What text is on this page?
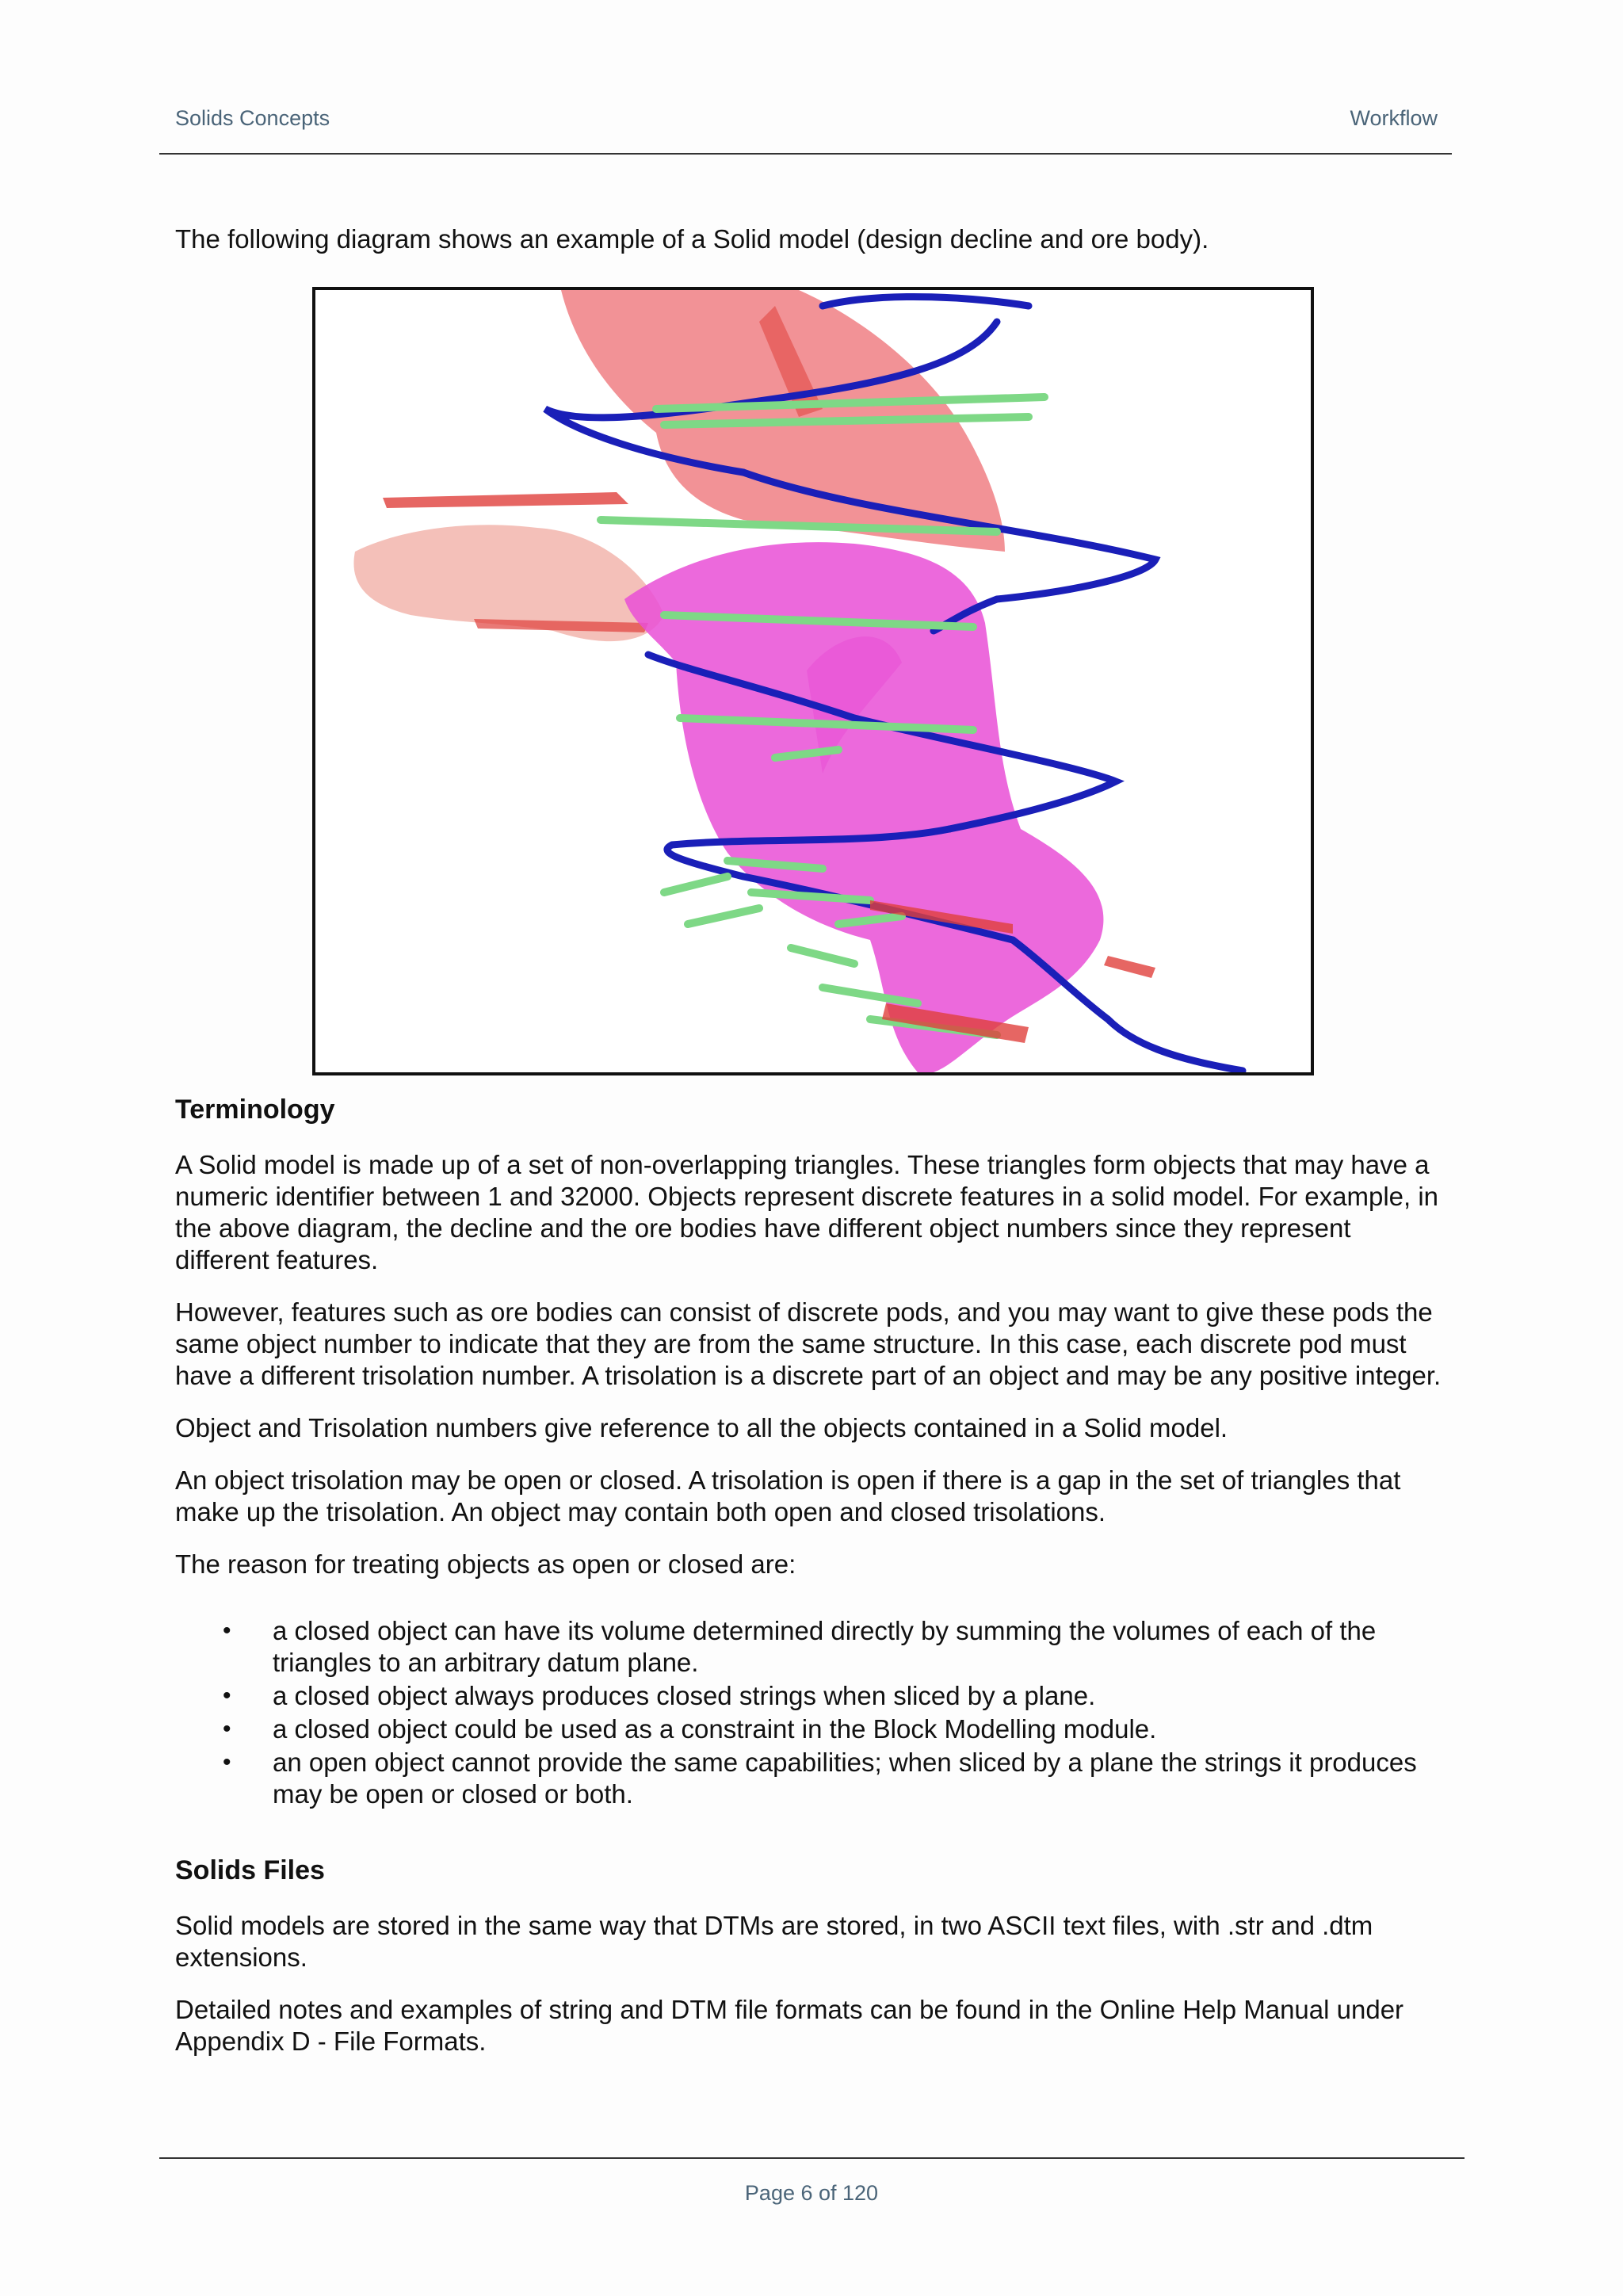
Solids Concepts	Workflow

The following diagram shows an example of a Solid model (design decline and ore body).

Terminology

A Solid model is made up of a set of non-overlapping triangles. These triangles form objects that may have a numeric identifier between 1 and 32000. Objects represent discrete features in a solid model. For example, in the above diagram, the decline and the ore bodies have different object numbers since they represent different features.

However, features such as ore bodies can consist of discrete pods, and you may want to give these pods the same object number to indicate that they are from the same structure. In this case, each discrete pod must have a different trisolation number. A trisolation is a discrete part of an object and may be any positive integer.

Object and Trisolation numbers give reference to all the objects contained in a Solid model.

An object trisolation may be open or closed. A trisolation is open if there is a gap in the set of triangles that make up the trisolation. An object may contain both open and closed trisolations.

The reason for treating objects as open or closed are:

• a closed object can have its volume determined directly by summing the volumes of each of the triangles to an arbitrary datum plane.
• a closed object always produces closed strings when sliced by a plane.
• a closed object could be used as a constraint in the Block Modelling module.
• an open object cannot provide the same capabilities; when sliced by a plane the strings it produces may be open or closed or both.
Solids Files

Solid models are stored in the same way that DTMs are stored, in two ASCII text files, with .str and .dtm extensions.

Detailed notes and examples of string and DTM file formats can be found in the Online Help Manual under Appendix D - File Formats.

Page 6 of 120
